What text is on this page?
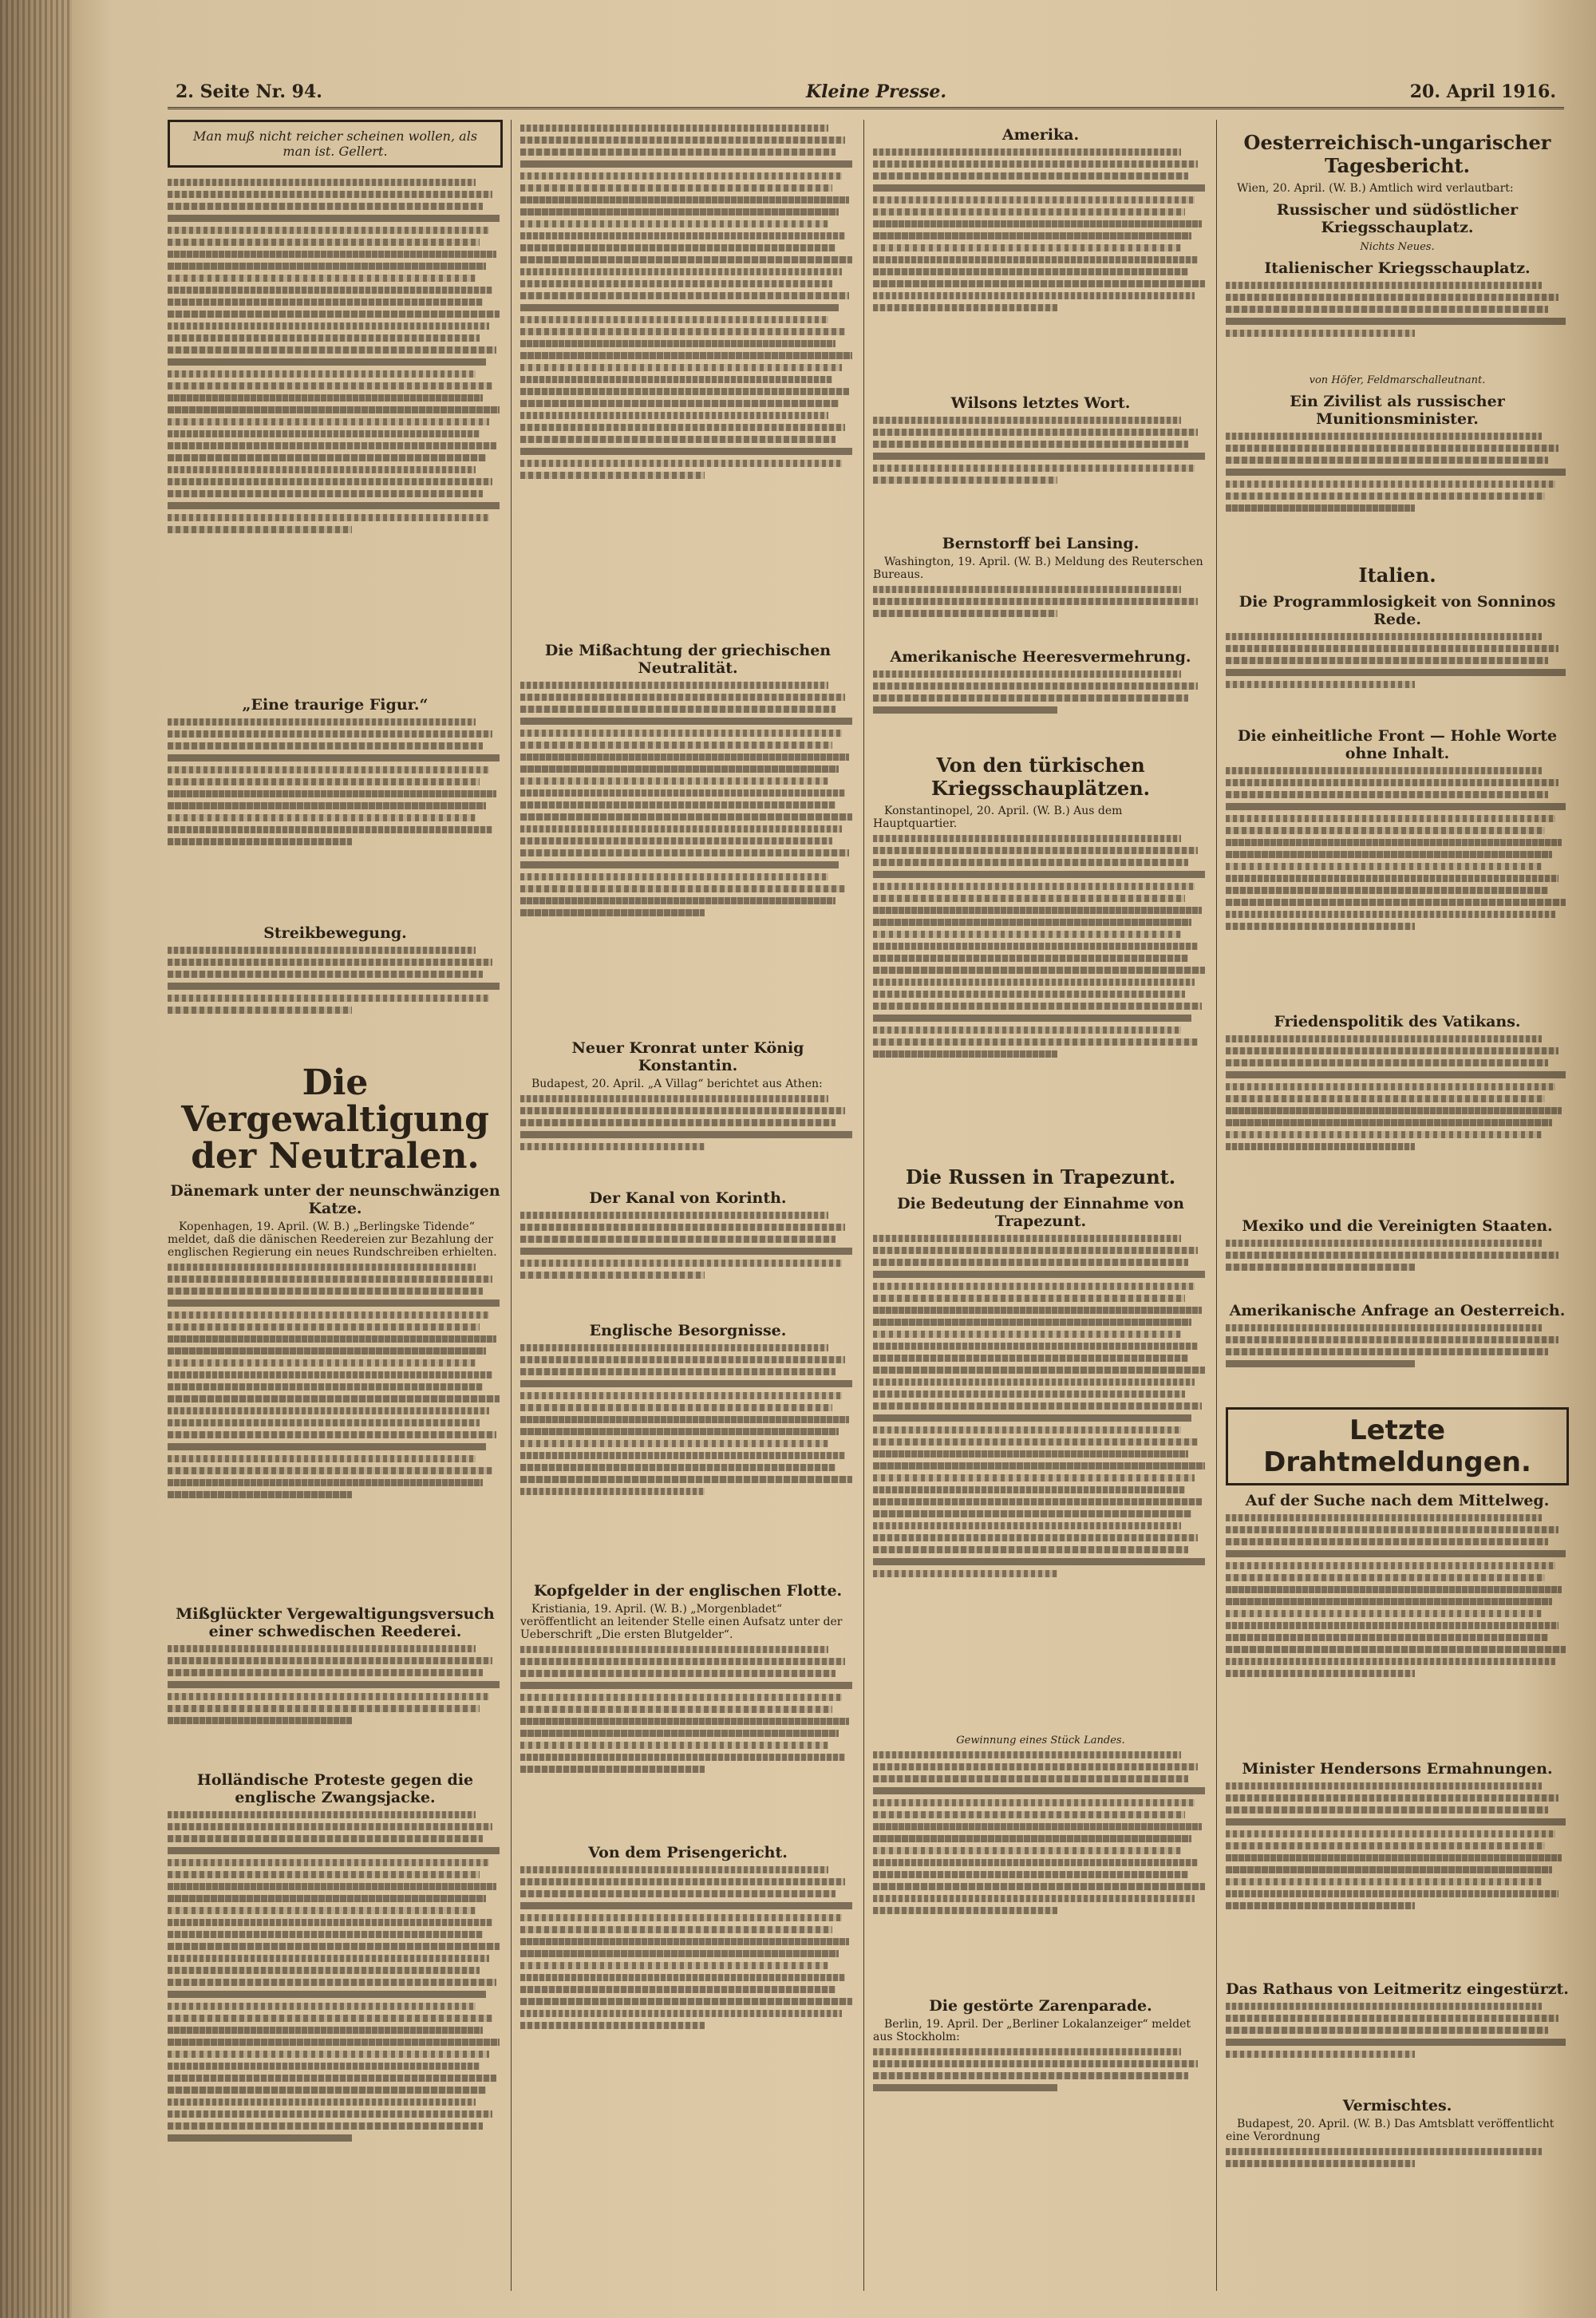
2. Seite Nr. 94.	Kleine Presse.	20. April 1916.
Man muß nicht reicher scheinen wollen, als man ist. Gellert.
„Eine traurige Figur.“
Streikbewegung.
Die Vergewaltigung der Neutralen.
Dänemark unter der neunschwänzigen Katze.

Kopenhagen, 19. April. (W. B.) „Berlingske Tidende“ meldet, daß die dänischen Reedereien zur Bezahlung der englischen Regierung ein neues Rundschreiben erhielten.

Mißglückter Vergewaltigungsversuch einer schwedischen Reederei.
Holländische Proteste gegen die englische Zwangsjacke.
Die Mißachtung der griechischen Neutralität.
Neuer Kronrat unter König Konstantin.

Budapest, 20. April. „A Villag“ berichtet aus Athen:

Der Kanal von Korinth.
Englische Besorgnisse.
Kopfgelder in der englischen Flotte.

Kristiania, 19. April. (W. B.) „Morgenbladet“ veröffentlicht an leitender Stelle einen Aufsatz unter der Ueberschrift „Die ersten Blutgelder“.

Von dem Prisengericht.
Amerika.
Wilsons letztes Wort.
Bernstorff bei Lansing.

Washington, 19. April. (W. B.) Meldung des Reuterschen Bureaus.

Amerikanische Heeresvermehrung.
Von den türkischen Kriegsschauplätzen.

Konstantinopel, 20. April. (W. B.) Aus dem Hauptquartier.

Die Russen in Trapezunt.
Die Bedeutung der Einnahme von Trapezunt.

Gewinnung eines Stück Landes.

Die gestörte Zarenparade.

Berlin, 19. April. Der „Berliner Lokalanzeiger“ meldet aus Stockholm:

Oesterreichisch-ungarischer Tagesbericht.

Wien, 20. April. (W. B.) Amtlich wird verlautbart:

Russischer und südöstlicher Kriegsschauplatz.

Nichts Neues.

Italienischer Kriegsschauplatz.

von Höfer, Feldmarschalleutnant.

Ein Zivilist als russischer Munitionsminister.
Italien.
Die Programmlosigkeit von Sonninos Rede.
Die einheitliche Front — Hohle Worte ohne Inhalt.
Friedenspolitik des Vatikans.
Mexiko und die Vereinigten Staaten.
Amerikanische Anfrage an Oesterreich.
Letzte Drahtmeldungen.
Auf der Suche nach dem Mittelweg.
Minister Hendersons Ermahnungen.
Das Rathaus von Leitmeritz eingestürzt.
Vermischtes.

Budapest, 20. April. (W. B.) Das Amtsblatt veröffentlicht eine Verordnung
